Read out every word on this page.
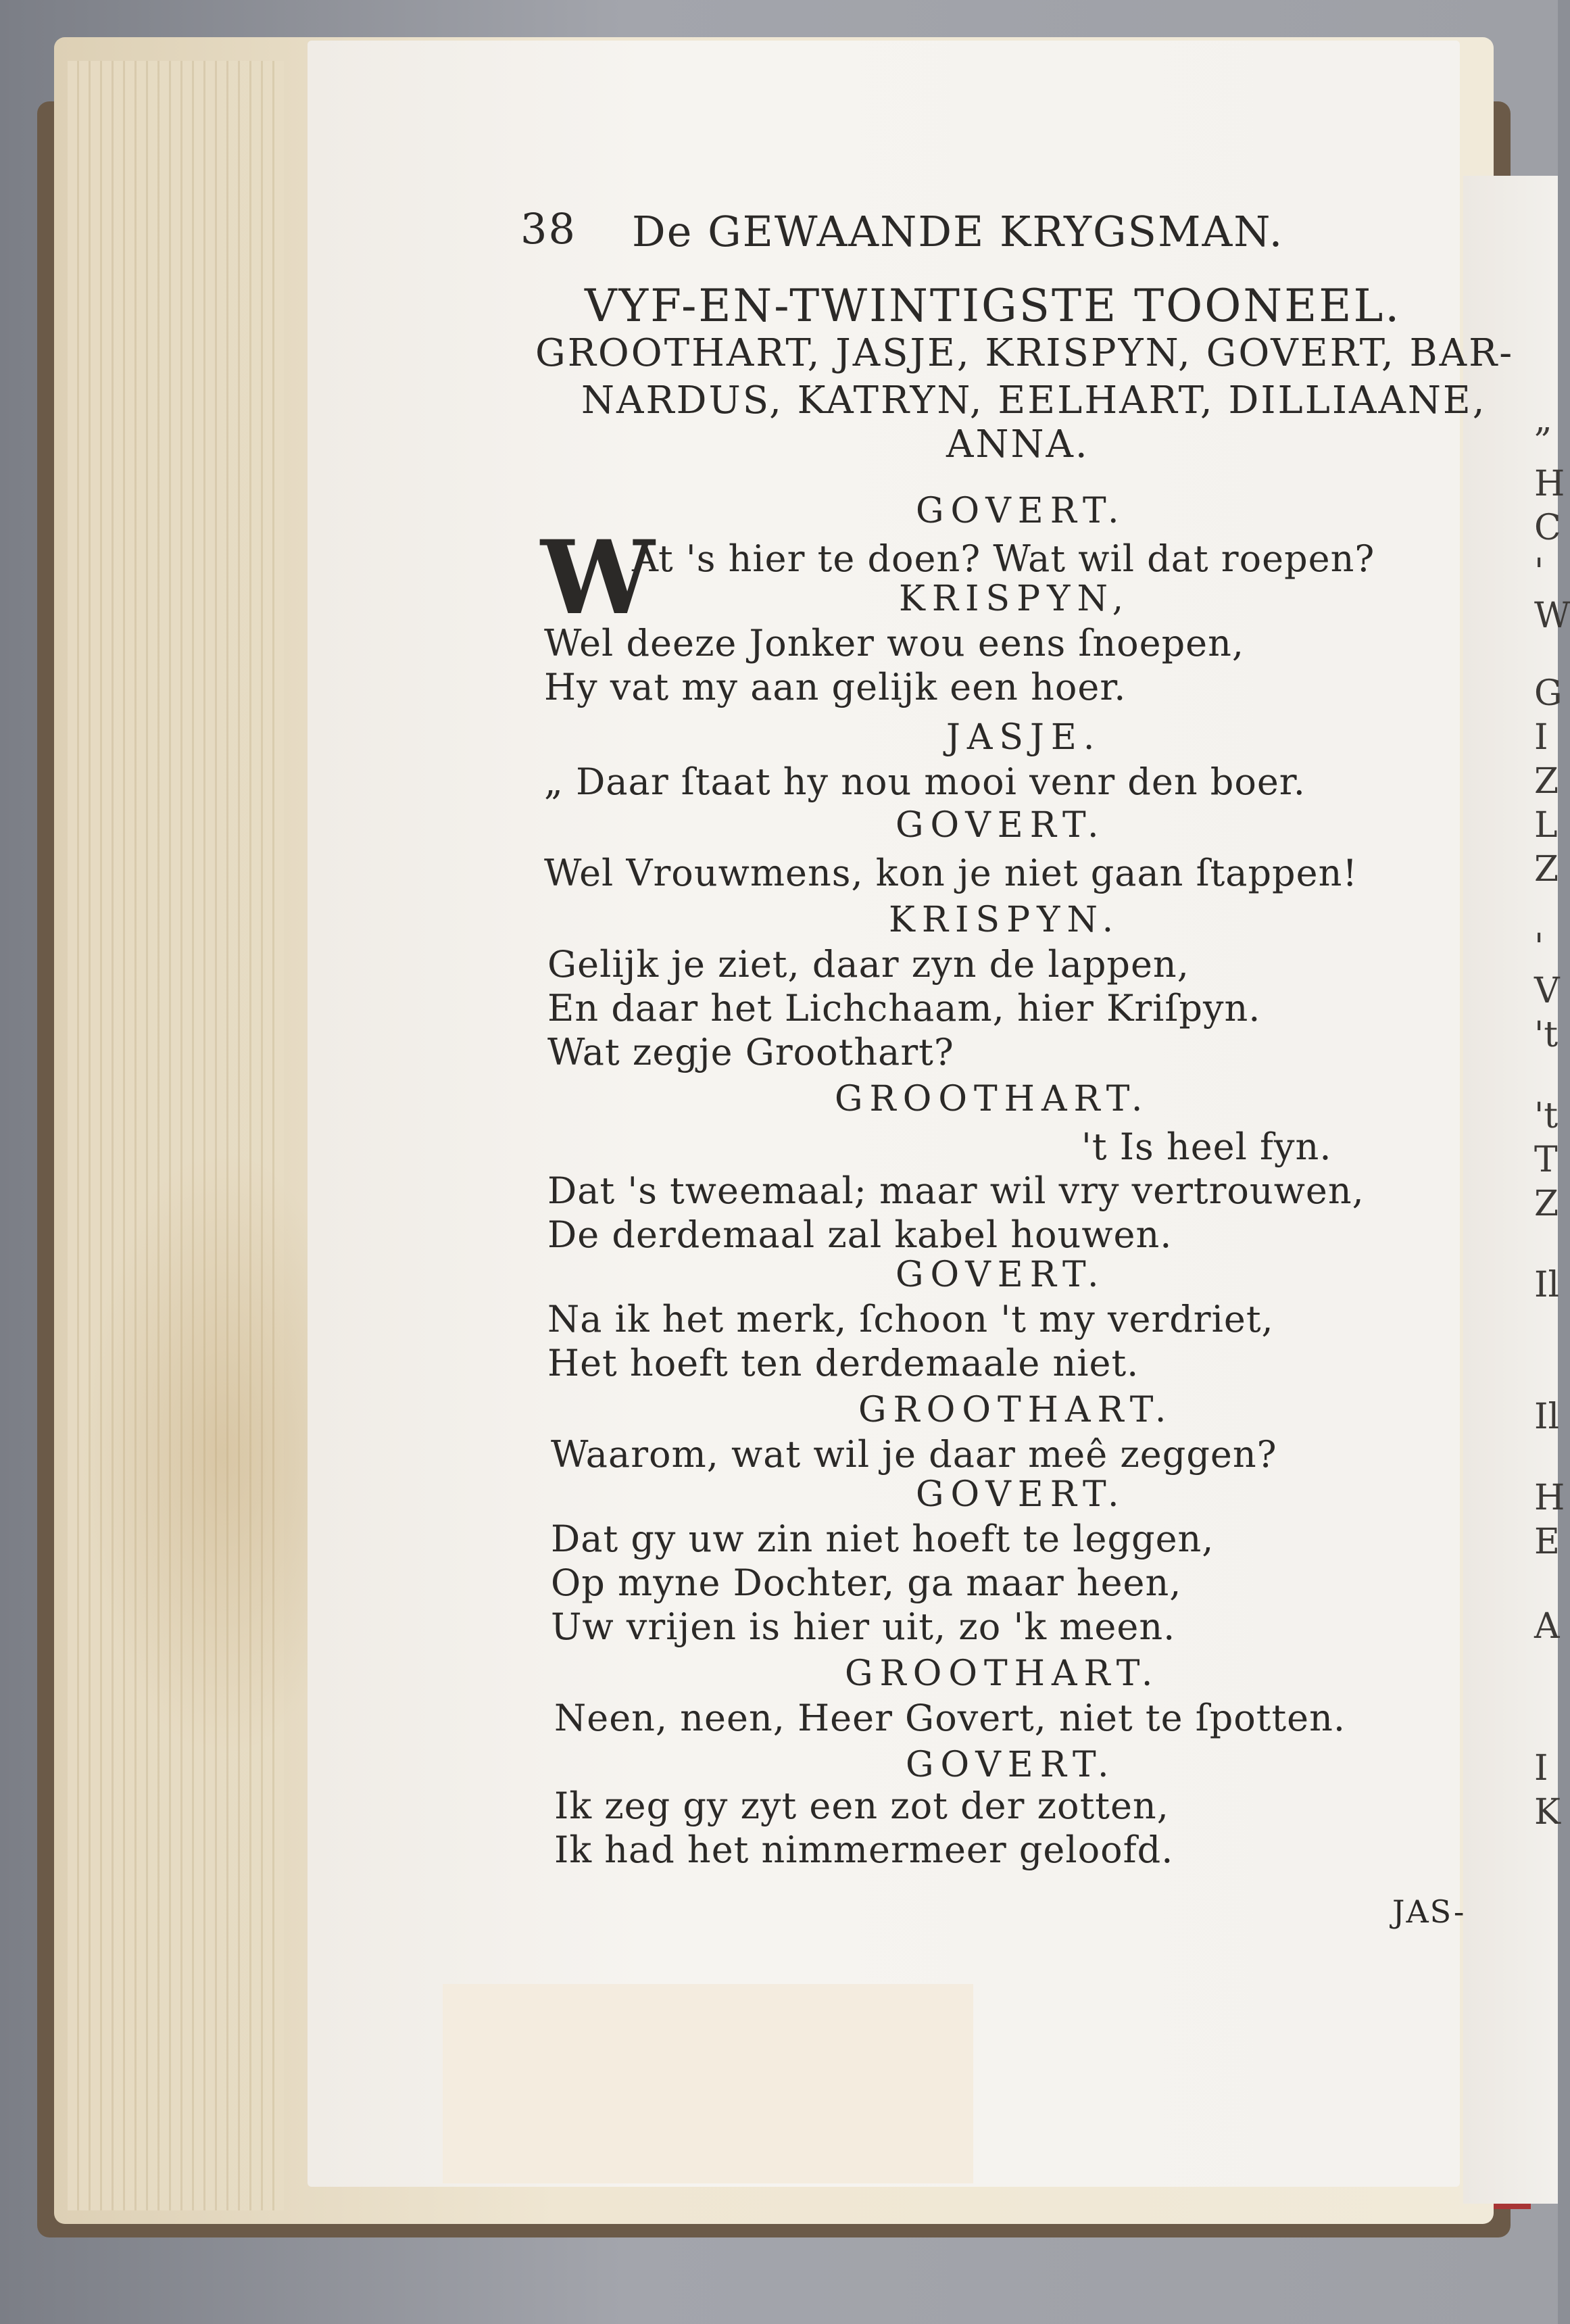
„
H
C
'
W
G
I
Z
L
Z
'
V
't
't
T
Z
Il
Il
H
E
A
I
K
38 De GEWAANDE KRYGSMAN.
VYF-EN-TWINTIGSTE TOONEEL.
GROOTHART, JASJE, KRISPYN, GOVERT, BAR-
NARDUS, KATRYN, EELHART, DILLIAANE,
ANNA.
GOVERT.
W
At 's hier te doen? Wat wil dat roepen?
KRISPYN,
Wel deeze Jonker wou eens ſnoepen,
Hy vat my aan gelijk een hoer.
JASJE.
„ Daar ſtaat hy nou mooi venr den boer.
GOVERT.
Wel Vrouwmens, kon je niet gaan ſtappen!
KRISPYN.
Gelijk je ziet, daar zyn de lappen,
En daar het Lichchaam, hier Kriſpyn.
Wat zegje Groothart?
GROOTHART.
't Is heel fyn.
Dat 's tweemaal; maar wil vry vertrouwen,
De derdemaal zal kabel houwen.
GOVERT.
Na ik het merk, ſchoon 't my verdriet,
Het hoeft ten derdemaale niet.
GROOTHART.
Waarom, wat wil je daar meê zeggen?
GOVERT.
Dat gy uw zin niet hoeft te leggen,
Op myne Dochter, ga maar heen,
Uw vrijen is hier uit, zo 'k meen.
GROOTHART.
Neen, neen, Heer Govert, niet te ſpotten.
GOVERT.
Ik zeg gy zyt een zot der zotten,
Ik had het nimmermeer geloofd.
JAS-
